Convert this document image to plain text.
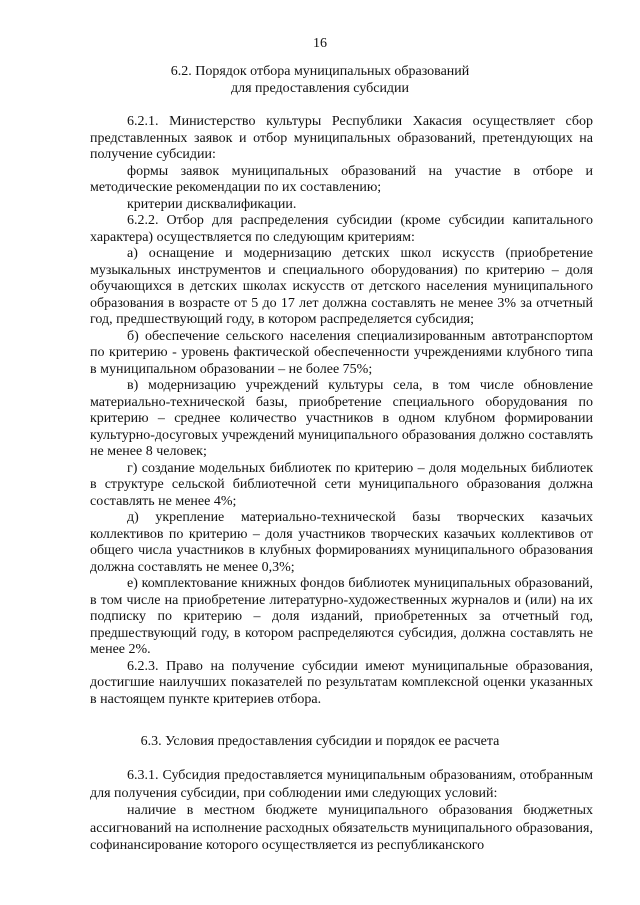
16
6.2. Порядок отбора муниципальных образований
для предоставления субсидии
6.2.1. Министерство культуры Республики Хакасия осуществляет сбор представленных заявок и отбор муниципальных образований, претендующих на получение субсидии:
формы заявок муниципальных образований на участие в отборе и методические рекомендации по их составлению;
критерии дисквалификации.
6.2.2. Отбор для распределения субсидии (кроме субсидии капитального характера) осуществляется по следующим критериям:
а) оснащение и модернизацию детских школ искусств (приобретение музыкальных инструментов и специального оборудования) по критерию – доля обучающихся в детских школах искусств от детского населения муниципального образования в возрасте от 5 до 17 лет должна составлять не менее 3% за отчетный год, предшествующий году, в котором распределяется субсидия;
б) обеспечение сельского населения специализированным автотранспортом по критерию - уровень фактической обеспеченности учреждениями клубного типа в муниципальном образовании – не более 75%;
в) модернизацию учреждений культуры села, в том числе обновление материально-технической базы, приобретение специального оборудования по критерию – среднее количество участников в одном клубном формировании культурно-досуговых учреждений муниципального образования должно составлять не менее 8 человек;
г) создание модельных библиотек по критерию – доля модельных библиотек в структуре сельской библиотечной сети муниципального образования должна составлять не менее 4%;
д) укрепление материально-технической базы творческих казачьих коллективов по критерию – доля участников творческих казачьих коллективов от общего числа участников в клубных формированиях муниципального образования должна составлять не менее 0,3%;
е) комплектование книжных фондов библиотек муниципальных образований, в том числе на приобретение литературно-художественных журналов и (или) на их подписку по критерию – доля изданий, приобретенных за отчетный год, предшествующий году, в котором распределяются субсидия, должна составлять не менее 2%.
6.2.3. Право на получение субсидии имеют муниципальные образования, достигшие наилучших показателей по результатам комплексной оценки указанных в настоящем пункте критериев отбора.
6.3. Условия предоставления субсидии и порядок ее расчета
6.3.1. Субсидия предоставляется муниципальным образованиям, отобранным для получения субсидии, при соблюдении ими следующих условий:
наличие в местном бюджете муниципального образования бюджетных ассигнований на исполнение расходных обязательств муниципального образования, софинансирование которого осуществляется из республиканского
